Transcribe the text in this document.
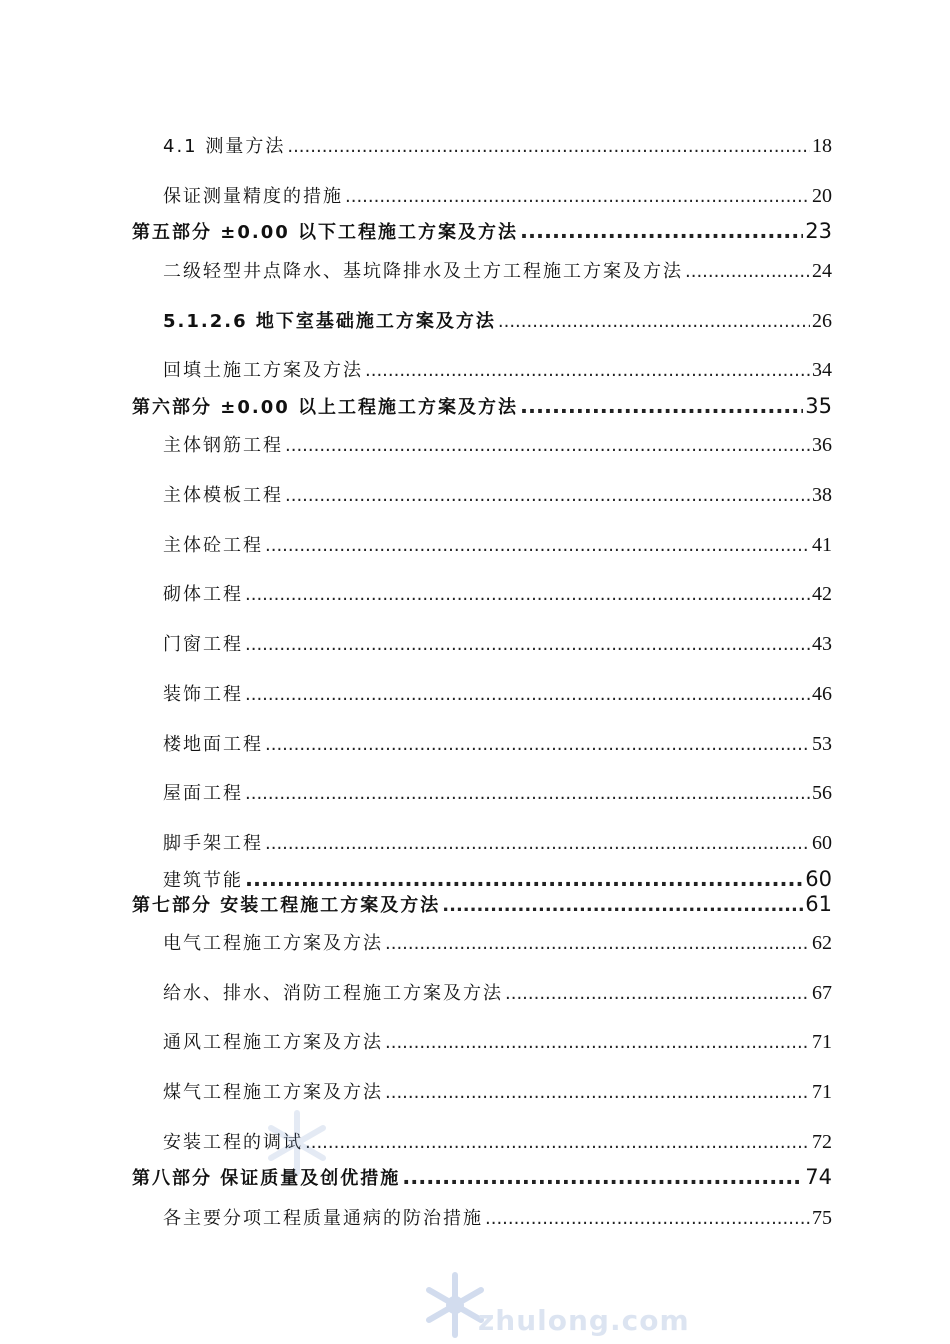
4.1 测量方法 .....	18
保证测量精度的措施 .....	20
第五部分 ±0.00 以下工程施工方案及方法 .....	23
二级轻型井点降水、基坑降排水及土方工程施工方案及方法 .....	24
5.1.2.6 地下室基础施工方案及方法 .....	26
回填土施工方案及方法 .....	34
第六部分 ±0.00 以上工程施工方案及方法 .....	35
主体钢筋工程 .....	36
主体模板工程 .....	38
主体砼工程 .....	41
砌体工程 .....	42
门窗工程 .....	43
装饰工程 .....	46
楼地面工程 .....	53
屋面工程 .....	56
脚手架工程 .....	60
建筑节能 .....	60
第七部分 安装工程施工方案及方法 .....	61
电气工程施工方案及方法 .....	62
给水、排水、消防工程施工方案及方法 .....	67
通风工程施工方案及方法 .....	71
煤气工程施工方案及方法 .....	71
安装工程的调试 .....	72
第八部分 保证质量及创优措施 .....	74
各主要分项工程质量通病的防治措施 .....	75
zhulong.com
